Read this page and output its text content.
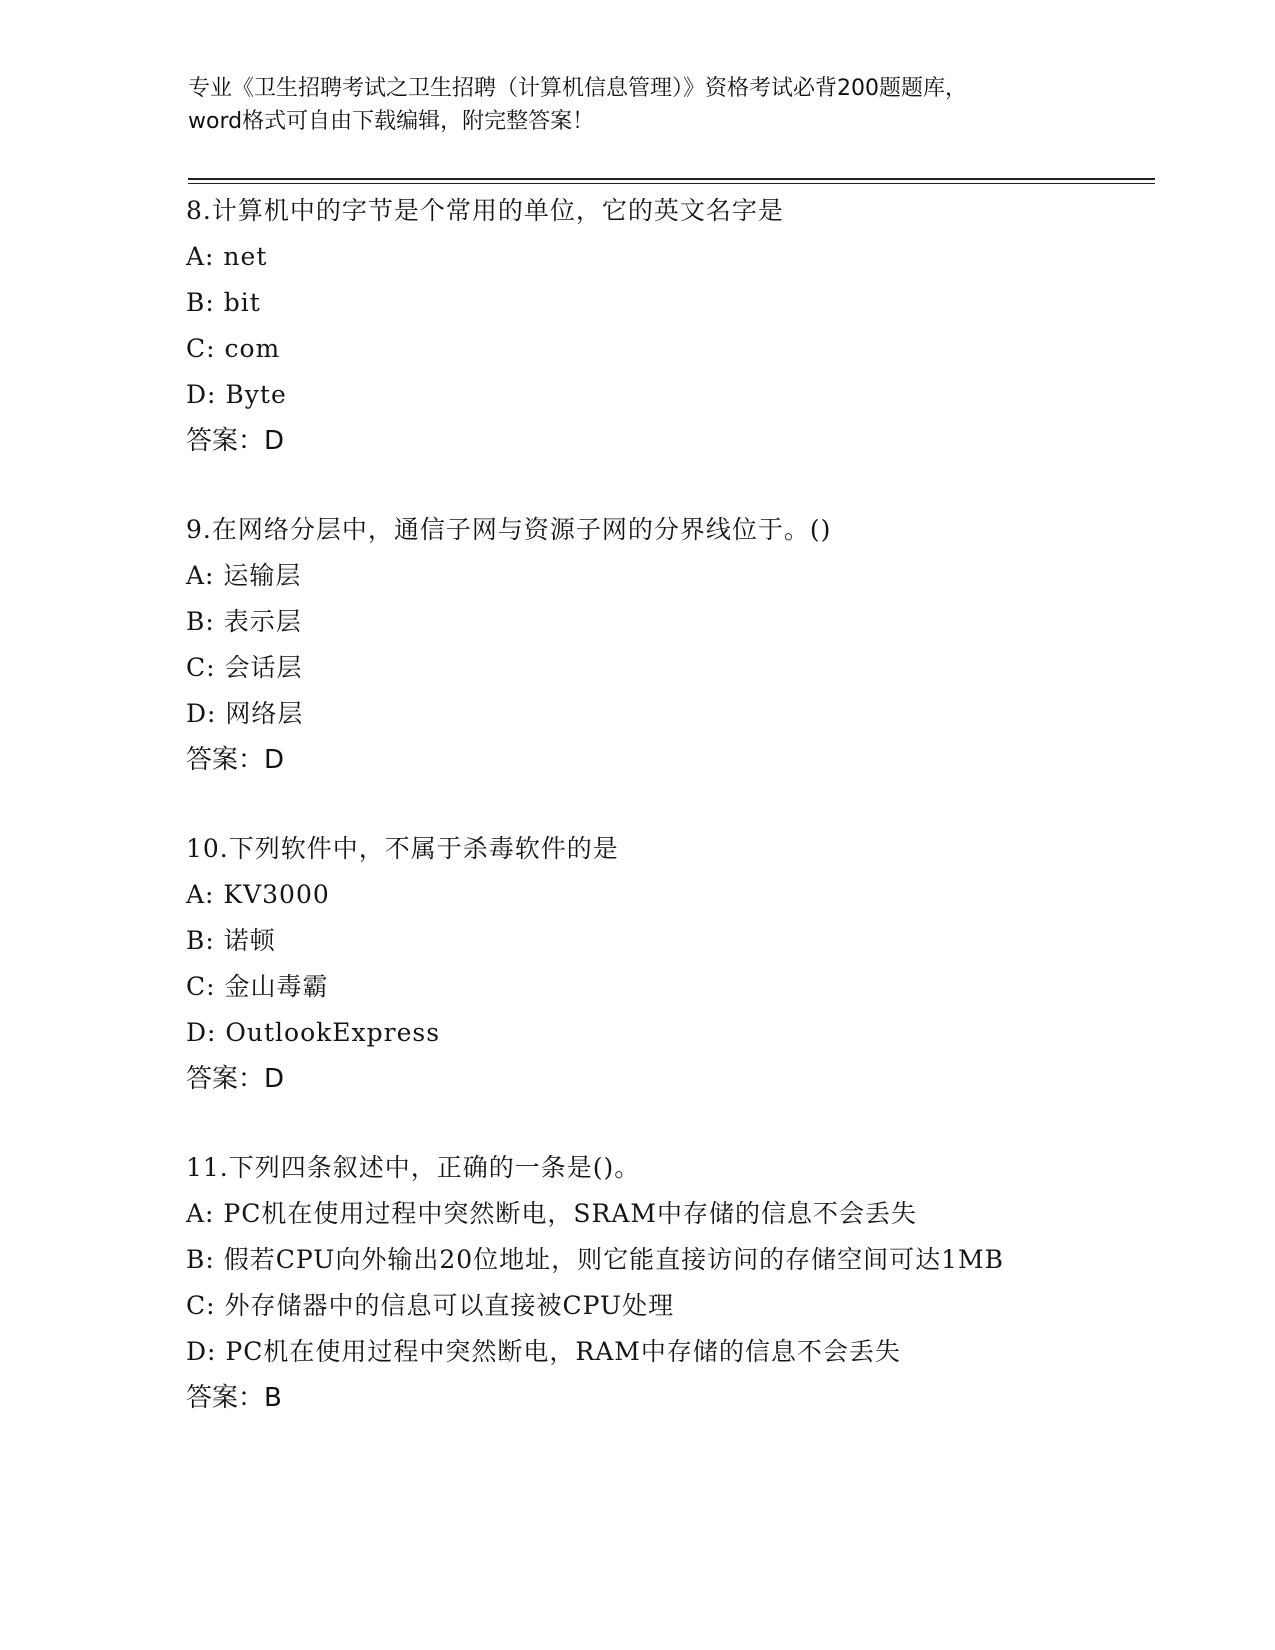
专业《卫生招聘考试之卫生招聘（计算机信息管理）》资格考试必背200题题库，
word格式可自由下载编辑，附完整答案！
8.计算机中的字节是个常用的单位，它的英文名字是
A: net
B: bit
C: com
D: Byte
答案：D
9.在网络分层中，通信子网与资源子网的分界线位于。()
A: 运输层
B: 表示层
C: 会话层
D: 网络层
答案：D
10.下列软件中，不属于杀毒软件的是
A: KV3000
B: 诺顿
C: 金山毒霸
D: OutlookExpress
答案：D
11.下列四条叙述中，正确的一条是()。
A: PC机在使用过程中突然断电，SRAM中存储的信息不会丢失
B: 假若CPU向外输出20位地址，则它能直接访问的存储空间可达1MB
C: 外存储器中的信息可以直接被CPU处理
D: PC机在使用过程中突然断电，RAM中存储的信息不会丢失
答案：B
